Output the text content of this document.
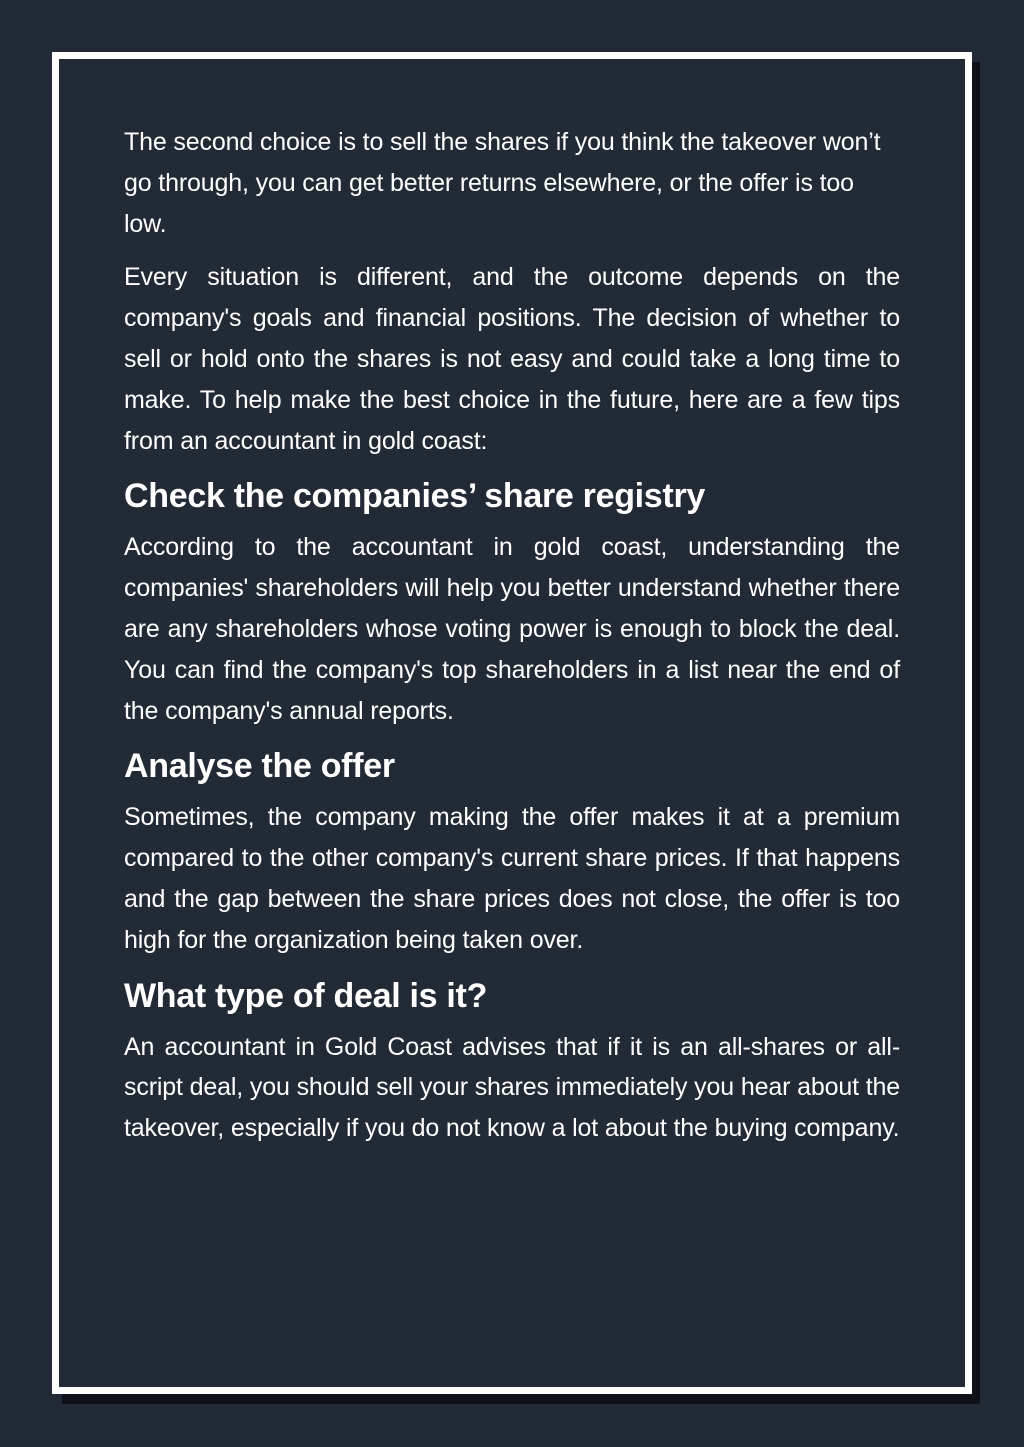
The second choice is to sell the shares if you think the takeover won’t go through, you can get better returns elsewhere, or the offer is too low.

Every situation is different, and the outcome depends on the company's goals and financial positions. The decision of whether to sell or hold onto the shares is not easy and could take a long time to make. To help make the best choice in the future, here are a few tips from an accountant in gold coast:

Check the companies’ share registry

According to the accountant in gold coast, understanding the companies' shareholders will help you better understand whether there are any shareholders whose voting power is enough to block the deal. You can find the company's top shareholders in a list near the end of the company's annual reports.

Analyse the offer

Sometimes, the company making the offer makes it at a premium compared to the other company's current share prices. If that happens and the gap between the share prices does not close, the offer is too high for the organization being taken over.

What type of deal is it?

An accountant in Gold Coast advises that if it is an all-shares or all-script deal, you should sell your shares immediately you hear about the takeover, especially if you do not know a lot about the buying company.
